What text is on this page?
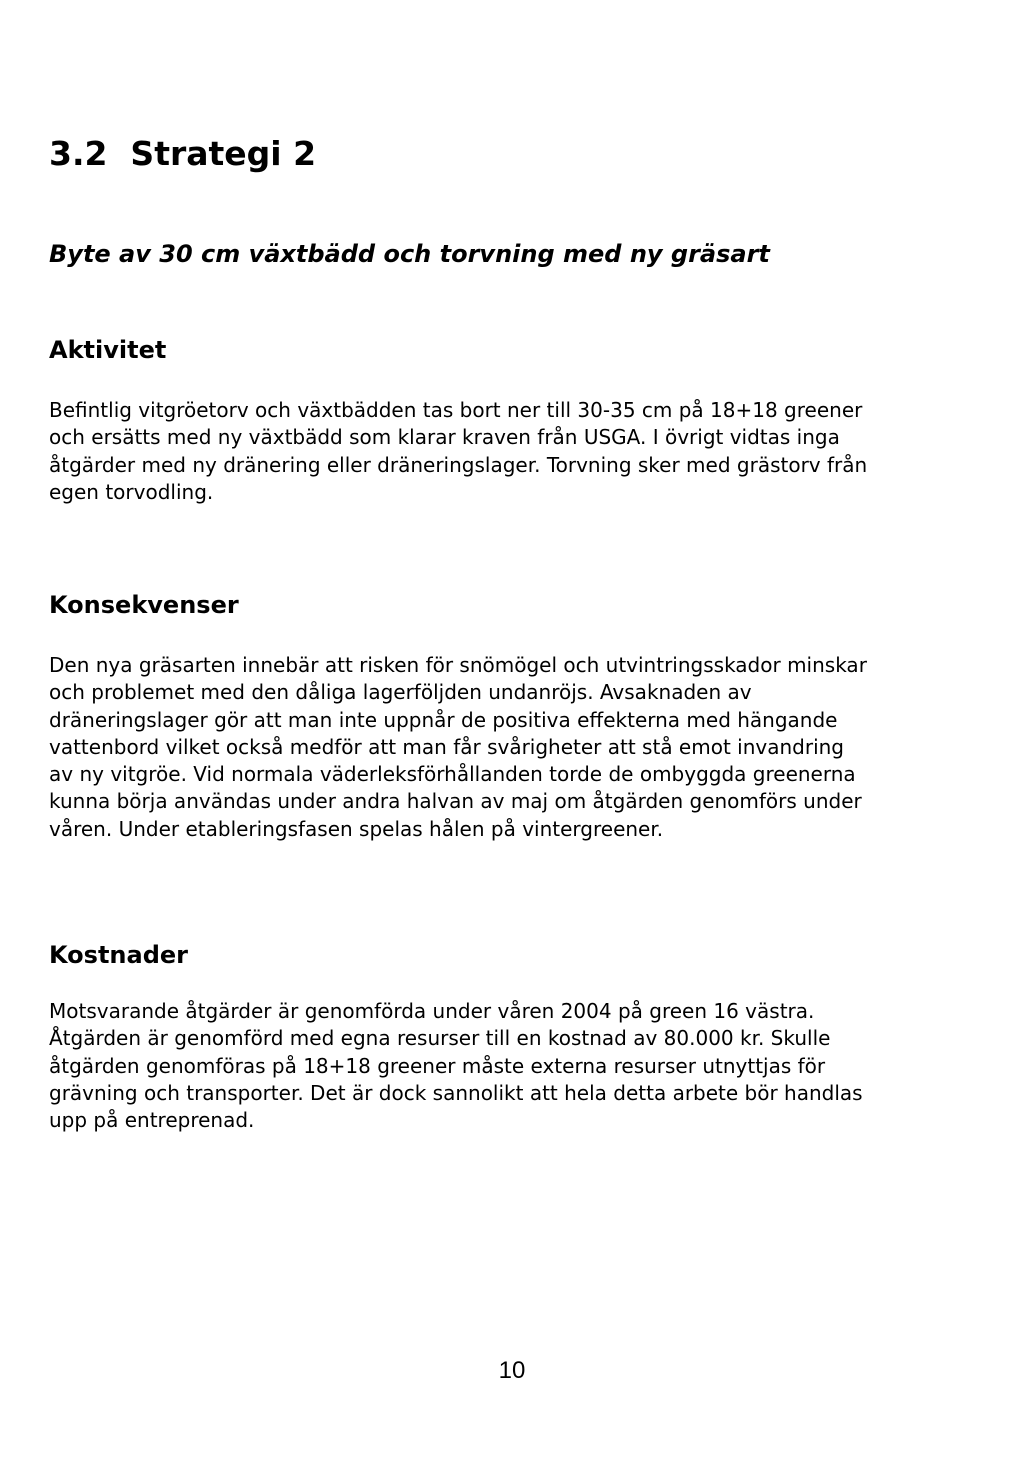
3.2  Strategi 2
Byte av 30 cm växtbädd och torvning med ny gräsart
Aktivitet
Befintlig vitgröetorv och växtbädden tas bort ner till 30-35 cm på 18+18 greener
och ersätts med ny växtbädd som klarar kraven från USGA. I övrigt vidtas inga
åtgärder med ny dränering eller dräneringslager. Torvning sker med grästorv från
egen torvodling.
Konsekvenser
Den nya gräsarten innebär att risken för snömögel och utvintringsskador minskar
och problemet med den dåliga lagerföljden undanröjs. Avsaknaden av
dräneringslager gör att man inte uppnår de positiva effekterna med hängande
vattenbord vilket också medför att man får svårigheter att stå emot invandring
av ny vitgröe. Vid normala väderleksförhållanden torde de ombyggda greenerna
kunna börja användas under andra halvan av maj om åtgärden genomförs under
våren. Under etableringsfasen spelas hålen på vintergreener.
Kostnader
Motsvarande åtgärder är genomförda under våren 2004 på green 16 västra.
Åtgärden är genomförd med egna resurser till en kostnad av 80.000 kr. Skulle
åtgärden genomföras på 18+18 greener måste externa resurser utnyttjas för
grävning och transporter. Det är dock sannolikt att hela detta arbete bör handlas
upp på entreprenad.
10
